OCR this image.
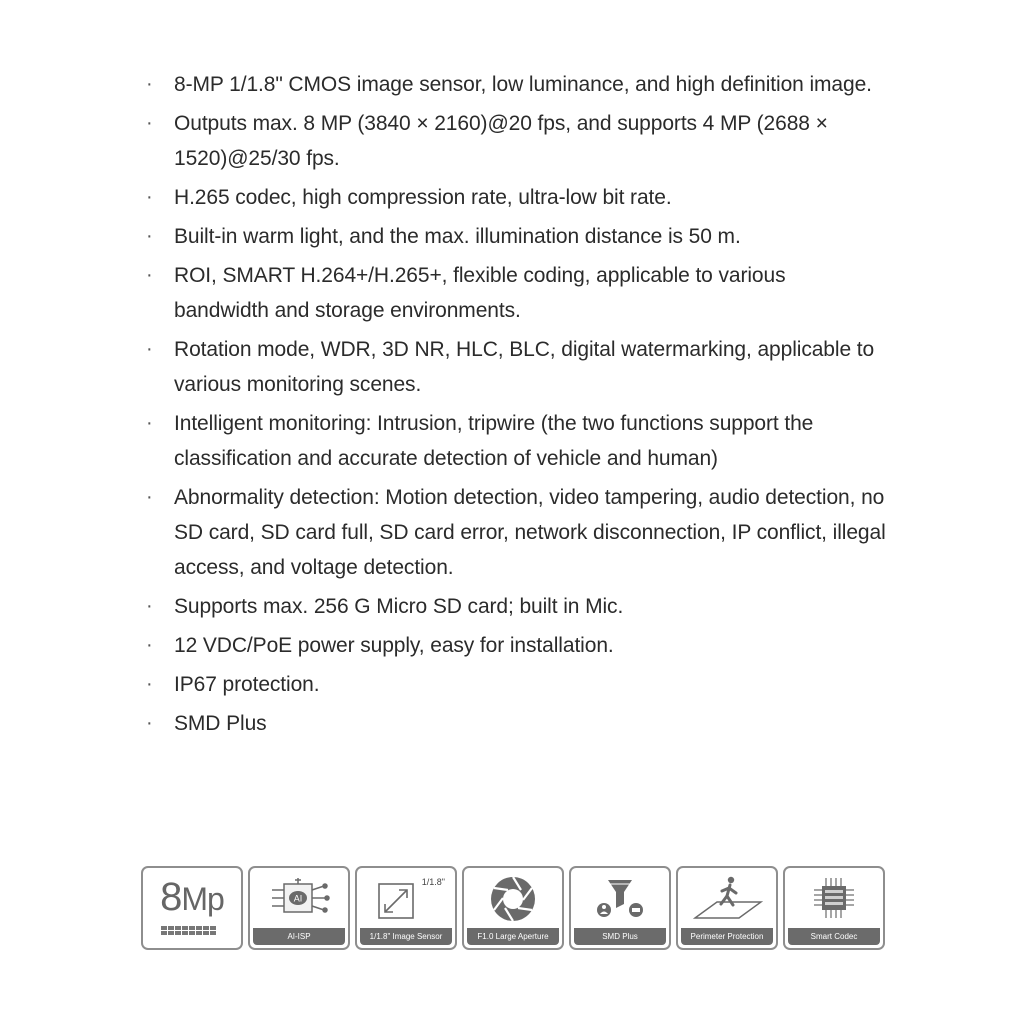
· 8-MP 1/1.8" CMOS image sensor, low luminance, and high definition image.
· Outputs max. 8 MP (3840 × 2160)@20 fps, and supports 4 MP (2688 × 1520)@25/30 fps.
· H.265 codec, high compression rate, ultra-low bit rate.
· Built-in warm light, and the max. illumination distance is 50 m.
· ROI, SMART H.264+/H.265+, flexible coding, applicable to various bandwidth and storage environments.
· Rotation mode, WDR, 3D NR, HLC, BLC, digital watermarking, applicable to various monitoring scenes.
· Intelligent monitoring: Intrusion, tripwire (the two functions support the classification and accurate detection of vehicle and human)
· Abnormality detection: Motion detection, video tampering, audio detection, no SD card, SD card full, SD card error, network disconnection, IP conflict, illegal access, and voltage detection.
· Supports max. 256 G Micro SD card; built in Mic.
· 12 VDC/PoE power supply, easy for installation.
· IP67 protection.
· SMD Plus
8Mp	AI
AI-ISP
1/1.8"
1/1.8" Image Sensor	F1.0 Large Aperture	SMD Plus	Perimeter Protection	Smart Codec
